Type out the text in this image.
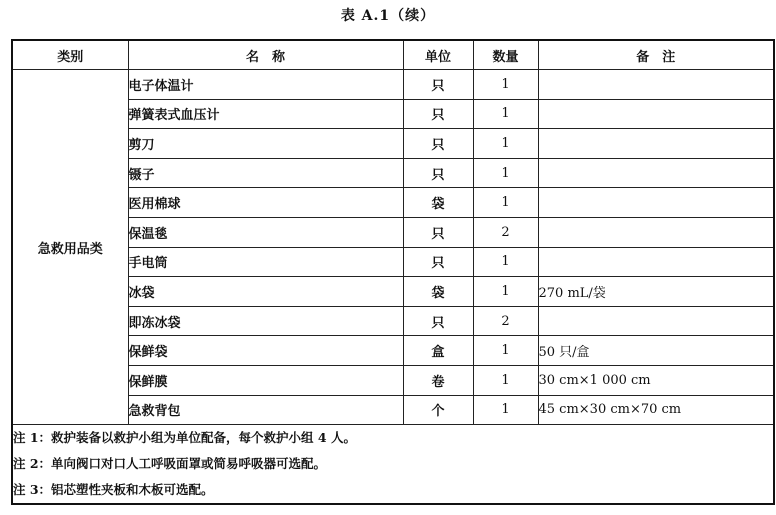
表 A.1（续）
类别	名　称	单位	数量	备　注
急救用品类	电子体温计	只	1	
	弹簧表式血压计	只	1	
	剪刀	只	1	
	镊子	只	1	
	医用棉球	袋	1	
	保温毯	只	2	
	手电筒	只	1	
	冰袋	袋	1	270 mL/袋
	即冻冰袋	只	2	
	保鲜袋	盒	1	50 只/盒
	保鲜膜	卷	1	30 cm×1 000 cm
	急救背包	个	1	45 cm×30 cm×70 cm

注 1：救护装备以救护小组为单位配备，每个救护小组 4 人。
注 2：单向阀口对口人工呼吸面罩或简易呼吸器可选配。
注 3：铝芯塑性夹板和木板可选配。				
